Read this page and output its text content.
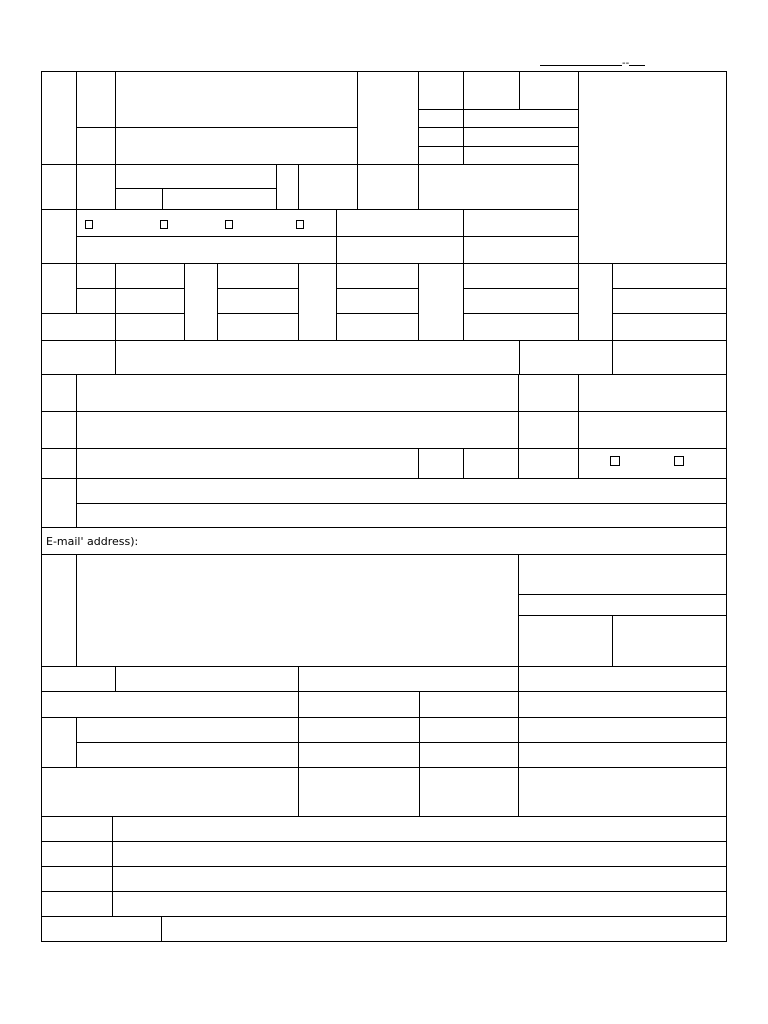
--
E-mail' address):
